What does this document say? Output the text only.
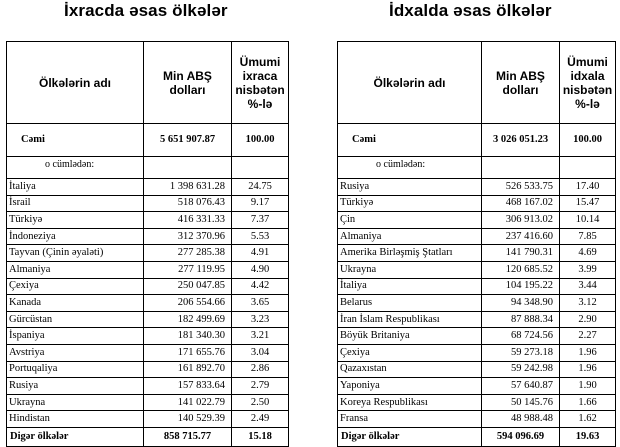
İxracda əsas ölkələr	İdxalda əsas ölkələr
Ölkələrin adı	Min ABŞ dolları	Ümumi ixraca nisbətən %-lə
Cəmi	5 651 907.87	100.00
o cümlədən:		
İtaliya	1 398 631.28	24.75
İsrail	518 076.43	9.17
Türkiyə	416 331.33	7.37
İndoneziya	312 370.96	5.53
Tayvan (Çinin əyaləti)	277 285.38	4.91
Almaniya	277 119.95	4.90
Çexiya	250 047.85	4.42
Kanada	206 554.66	3.65
Gürcüstan	182 499.69	3.23
İspaniya	181 340.30	3.21
Avstriya	171 655.76	3.04
Portuqaliya	161 892.70	2.86
Rusiya	157 833.64	2.79
Ukrayna	141 022.79	2.50
Hindistan	140 529.39	2.49
Digər ölkələr	858 715.77	15.18
Ölkələrin adı	Min ABŞ dolları	Ümumi idxala nisbətən %-lə
Cəmi	3 026 051.23	100.00
o cümlədən:		
Rusiya	526 533.75	17.40
Türkiyə	468 167.02	15.47
Çin	306 913.02	10.14
Almaniya	237 416.60	7.85
Amerika Birləşmiş Ştatları	141 790.31	4.69
Ukrayna	120 685.52	3.99
İtaliya	104 195.22	3.44
Belarus	94 348.90	3.12
İran İslam Respublikası	87 888.34	2.90
Böyük Britaniya	68 724.56	2.27
Çexiya	59 273.18	1.96
Qazaxıstan	59 242.98	1.96
Yaponiya	57 640.87	1.90
Koreya Respublikası	50 145.76	1.66
Fransa	48 988.48	1.62
Digər ölkələr	594 096.69	19.63
